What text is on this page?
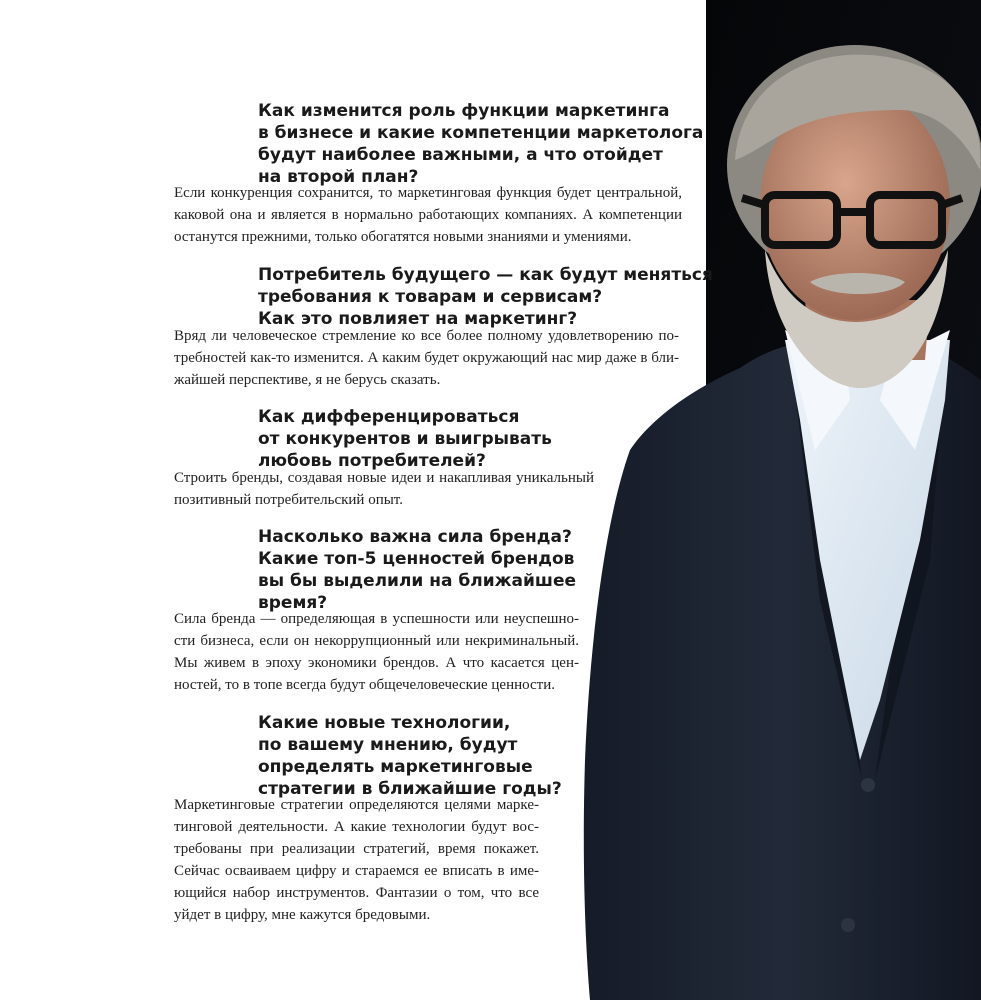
Как изменится роль функции маркетинга
в бизнесе и какие компетенции маркетолога
будут наиболее важными, а что отойдет
на второй план?

Если конкуренция сохранится, то маркетинговая функция будет центральной, каковой она и является в нормально работающих компаниях. А компетенции останутся прежними, только обогатятся новыми знаниями и умениями.

Потребитель будущего — как будут меняться
требования к товарам и сервисам?
Как это повлияет на маркетинг?

Вряд ли человеческое стремление ко все более полному удовлетворению по-требностей как-то изменится. А каким будет окружающий нас мир даже в бли-жайшей перспективе, я не берусь сказать.

Как дифференцироваться
от конкурентов и выигрывать
любовь потребителей?

Строить бренды, создавая новые идеи и накапливая уникальный позитивный потребительский опыт.

Насколько важна сила бренда?
Какие топ-5 ценностей брендов
вы бы выделили на ближайшее
время?

Сила бренда — определяющая в успешности или неуспешно-сти бизнеса, если он некоррупционный или некриминальный. Мы живем в эпоху экономики брендов. А что касается цен-ностей, то в топе всегда будут общечеловеческие ценности.

Какие новые технологии,
по вашему мнению, будут
определять маркетинговые
стратегии в ближайшие годы?

Маркетинговые стратегии определяются целями марке-тинговой деятельности. А какие технологии будут вос-требованы при реализации стратегий, время покажет. Сейчас осваиваем цифру и стараемся ее вписать в име-ющийся набор инструментов. Фантазии о том, что все уйдет в цифру, мне кажутся бредовыми.
